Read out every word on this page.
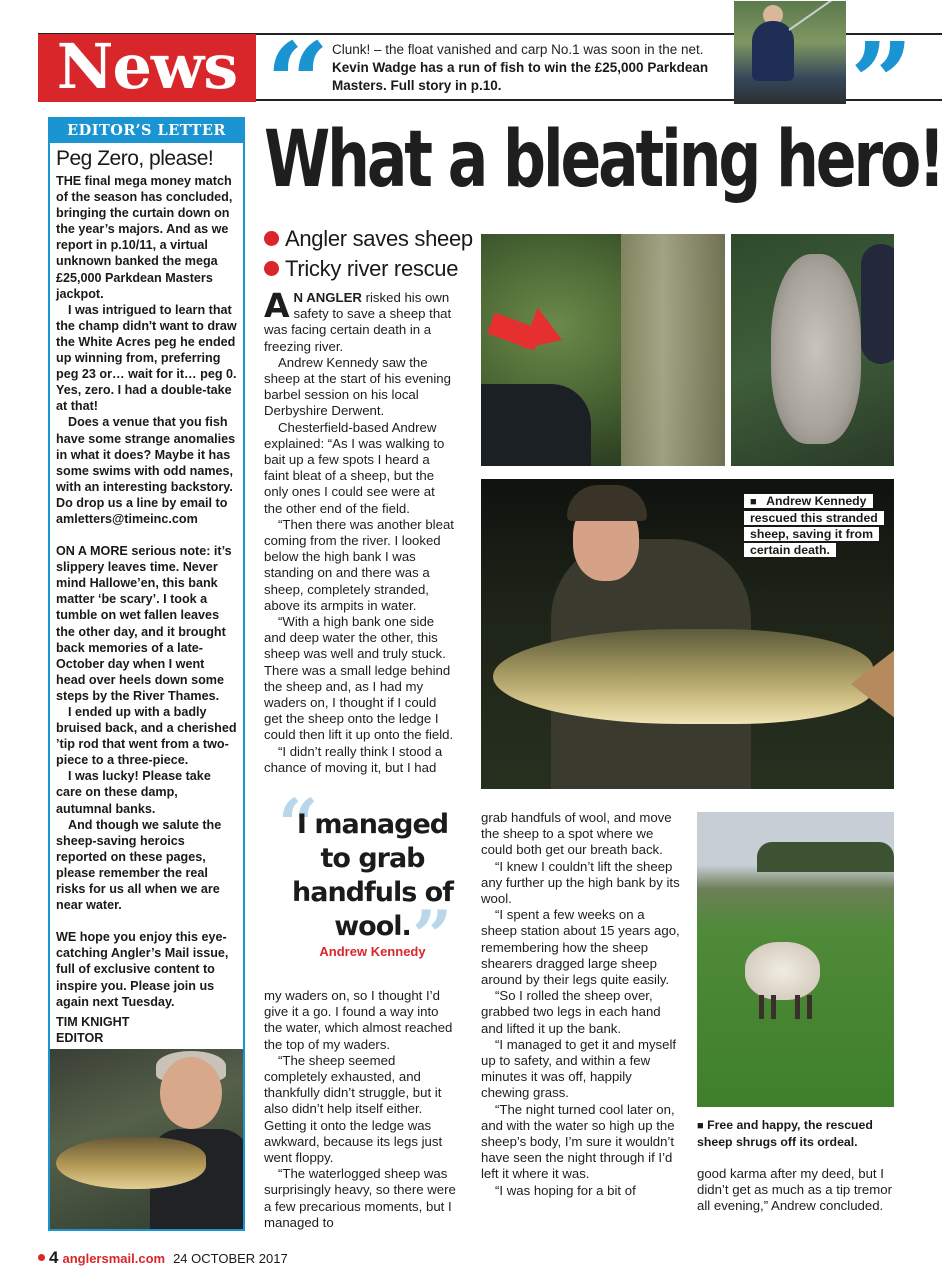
News “ Clunk! – the float vanished and carp No.1 was soon in the net.
Kevin Wadge has a run of fish to win the £25,000 Parkdean Masters. Full story in p.10.	”
EDITOR’S LETTER
Peg Zero, please!

THE final mega money match of the season has concluded, bringing the curtain down on the year’s majors. And as we report in p.10/11, a virtual unknown banked the mega £25,000 Parkdean Masters jackpot.

I was intrigued to learn that the champ didn't want to draw the White Acres peg he ended up winning from, preferring peg 23 or… wait for it… peg 0. Yes, zero. I had a double-take at that!

Does a venue that you fish have some strange anomalies in what it does? Maybe it has some swims with odd names, with an interesting backstory. Do drop us a line by email to amletters@timeinc.com

ON A MORE serious note: it’s slippery leaves time. Never mind Hallowe’en, this bank matter ‘be scary’. I took a tumble on wet fallen leaves the other day, and it brought back memories of a late-October day when I went head over heels down some steps by the River Thames.

I ended up with a badly bruised back, and a cherished ’tip rod that went from a two-piece to a three-piece.

I was lucky! Please take care on these damp, autumnal banks.

And though we salute the sheep-saving heroics reported on these pages, please remember the real risks for us all when we are near water.

WE hope you enjoy this eye-catching Angler’s Mail issue, full of exclusive content to inspire you. Please join us again next Tuesday.

TIM KNIGHT
EDITOR
What a bleating hero!
Angler saves sheep
Tricky river rescue

A N ANGLER risked his own safety to save a sheep that was facing certain death in a freezing river.

Andrew Kennedy saw the sheep at the start of his evening barbel session on his local Derbyshire Derwent.

Chesterfield-based Andrew explained: “As I was walking to bait up a few spots I heard a faint bleat of a sheep, but the only ones I could see were at the other end of the field.

“Then there was another bleat coming from the river. I looked below the high bank I was standing on and there was a sheep, completely stranded, above its armpits in water.

“With a high bank one side and deep water the other, this sheep was well and truly stuck. There was a small ledge behind the sheep and, as I had my waders on, I thought if I could get the sheep onto the ledge I could then lift it up onto the field.

“I didn’t really think I stood a chance of moving it, but I had

“
I managed to grab handfuls of wool. ”
Andrew Kennedy

my waders on, so I thought I’d give it a go. I found a way into the water, which almost reached the top of my waders.

“The sheep seemed completely exhausted, and thankfully didn’t struggle, but it also didn’t help itself either. Getting it onto the ledge was awkward, because its legs just went floppy.

“The waterlogged sheep was surprisingly heavy, so there were a few precarious moments, but I managed to

■ Andrew Kennedy rescued this stranded sheep, saving it from certain death.

grab handfuls of wool, and move the sheep to a spot where we could both get our breath back.

“I knew I couldn’t lift the sheep any further up the high bank by its wool.

“I spent a few weeks on a sheep station about 15 years ago, remembering how the sheep shearers dragged large sheep around by their legs quite easily.

“So I rolled the sheep over, grabbed two legs in each hand and lifted it up the bank.

“I managed to get it and myself up to safety, and within a few minutes it was off, happily chewing grass.

“The night turned cool later on, and with the water so high up the sheep’s body, I’m sure it wouldn’t have seen the night through if I’d left it where it was.

“I was hoping for a bit of

■ Free and happy, the rescued sheep shrugs off its ordeal.

good karma after my deed, but I didn’t get as much as a tip tremor all evening,” Andrew concluded.

4 anglersmail.com 24 OCTOBER 2017
